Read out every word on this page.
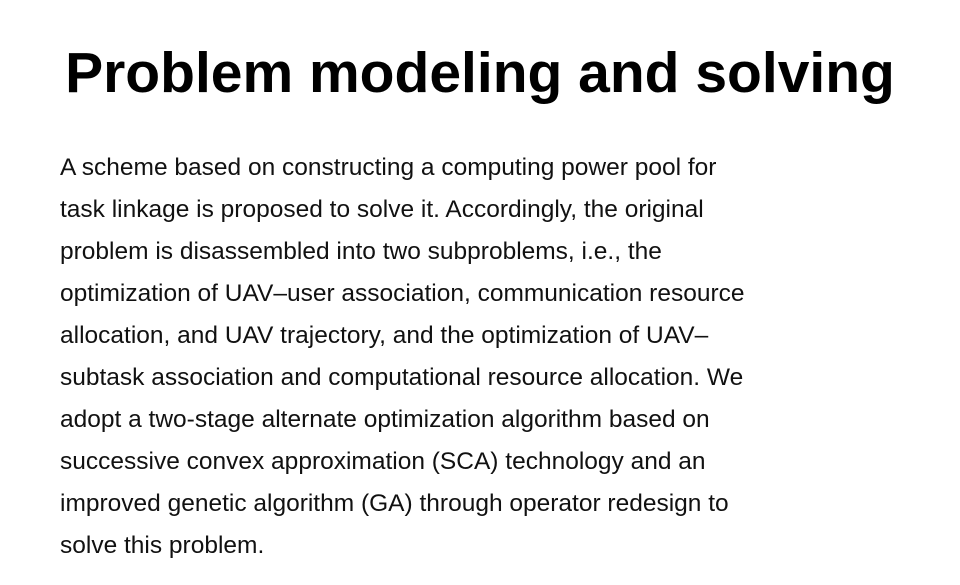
Problem modeling and solving

A scheme based on constructing a computing power pool for
task linkage is proposed to solve it. Accordingly, the original
problem is disassembled into two subproblems, i.e., the
optimization of UAV–user association, communication resource
allocation, and UAV trajectory, and the optimization of UAV–
subtask association and computational resource allocation. We
adopt a two-stage alternate optimization algorithm based on
successive convex approximation (SCA) technology and an
improved genetic algorithm (GA) through operator redesign to
solve this problem.
